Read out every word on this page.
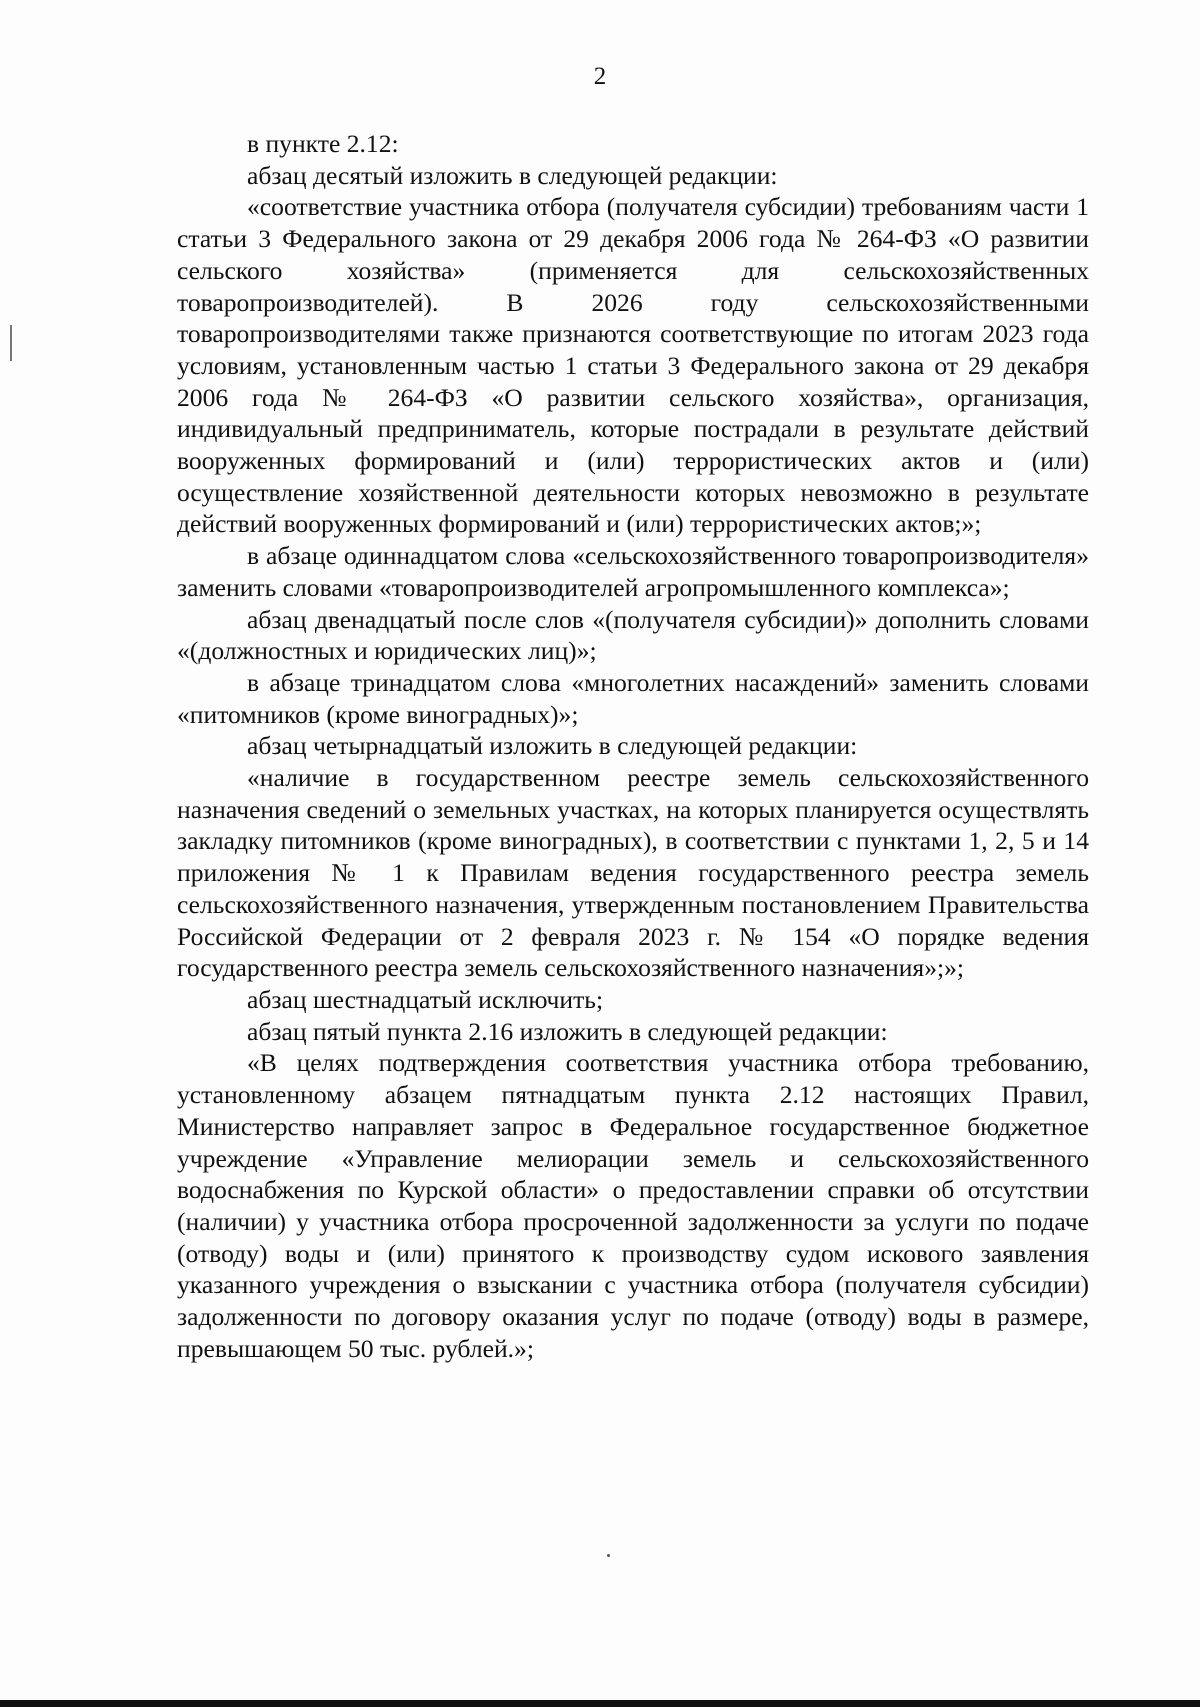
2

в пункте 2.12:

абзац десятый изложить в следующей редакции:

«соответствие участника отбора (получателя субсидии) требованиям части 1 статьи 3 Федерального закона от 29 декабря 2006 года № 264-ФЗ «О развитии сельского хозяйства» (применяется для сельскохозяйственных товаропроизводителей). В 2026 году сельскохозяйственными товаропроизводителями также признаются соответствующие по итогам 2023 года условиям, установленным частью 1 статьи 3 Федерального закона от 29 декабря 2006 года № 264-ФЗ «О развитии сельского хозяйства», организация, индивидуальный предприниматель, которые пострадали в результате действий вооруженных формирований и (или) террористических актов и (или) осуществление хозяйственной деятельности которых невозможно в результате действий вооруженных формирований и (или) террористических актов;»;

в абзаце одиннадцатом слова «сельскохозяйственного товаропроизводителя» заменить словами «товаропроизводителей агропромышленного комплекса»;

абзац двенадцатый после слов «(получателя субсидии)» дополнить словами «(должностных и юридических лиц)»;

в абзаце тринадцатом слова «многолетних насаждений» заменить словами «питомников (кроме виноградных)»;

абзац четырнадцатый изложить в следующей редакции:

«наличие в государственном реестре земель сельскохозяйственного назначения сведений о земельных участках, на которых планируется осуществлять закладку питомников (кроме виноградных), в соответствии с пунктами 1, 2, 5 и 14 приложения № 1 к Правилам ведения государственного реестра земель сельскохозяйственного назначения, утвержденным постановлением Правительства Российской Федерации от 2 февраля 2023 г. № 154 «О порядке ведения государственного реестра земель сельскохозяйственного назначения»;»;

абзац шестнадцатый исключить;

абзац пятый пункта 2.16 изложить в следующей редакции:

«В целях подтверждения соответствия участника отбора требованию, установленному абзацем пятнадцатым пункта 2.12 настоящих Правил, Министерство направляет запрос в Федеральное государственное бюджетное учреждение «Управление мелиорации земель и сельскохозяйственного водоснабжения по Курской области» о предоставлении справки об отсутствии (наличии) у участника отбора просроченной задолженности за услуги по подаче (отводу) воды и (или) принятого к производству судом искового заявления указанного учреждения о взыскании с участника отбора (получателя субсидии) задолженности по договору оказания услуг по подаче (отводу) воды в размере, превышающем 50 тыс. рублей.»;
